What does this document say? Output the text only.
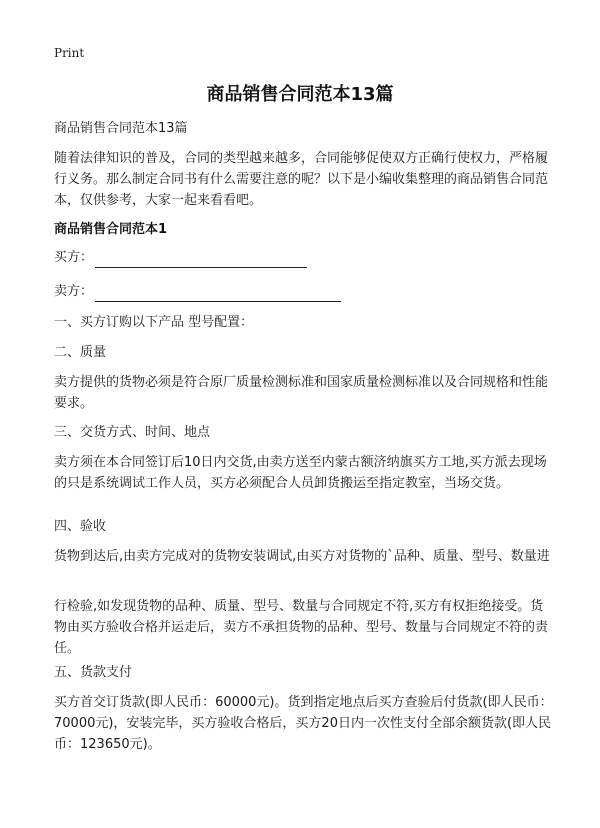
Print
商品销售合同范本13篇
商品销售合同范本13篇
随着法律知识的普及，合同的类型越来越多，合同能够促使双方正确行使权力，严格履行义务。那么制定合同书有什么需要注意的呢？以下是小编收集整理的商品销售合同范本，仅供参考，大家一起来看看吧。
商品销售合同范本1
买方：
卖方：
一、买方订购以下产品 型号配置：
二、质量
卖方提供的货物必须是符合原厂质量检测标准和国家质量检测标准以及合同规格和性能要求。
三、交货方式、时间、地点
卖方须在本合同签订后10日内交货,由卖方送至内蒙古额济纳旗买方工地,买方派去现场的只是系统调试工作人员，买方必须配合人员卸货搬运至指定教室，当场交货。
四、验收
货物到达后,由卖方完成对的货物安装调试,由买方对货物的`品种、质量、型号、数量进
行检验,如发现货物的品种、质量、型号、数量与合同规定不符,买方有权拒绝接受。货物由买方验收合格并运走后，卖方不承担货物的品种、型号、数量与合同规定不符的责任。
五、货款支付
买方首交订货款(即人民币：60000元)。货到指定地点后买方查验后付货款(即人民币：70000元)，安装完毕，买方验收合格后，买方20日内一次性支付全部余额货款(即人民币：123650元)。
